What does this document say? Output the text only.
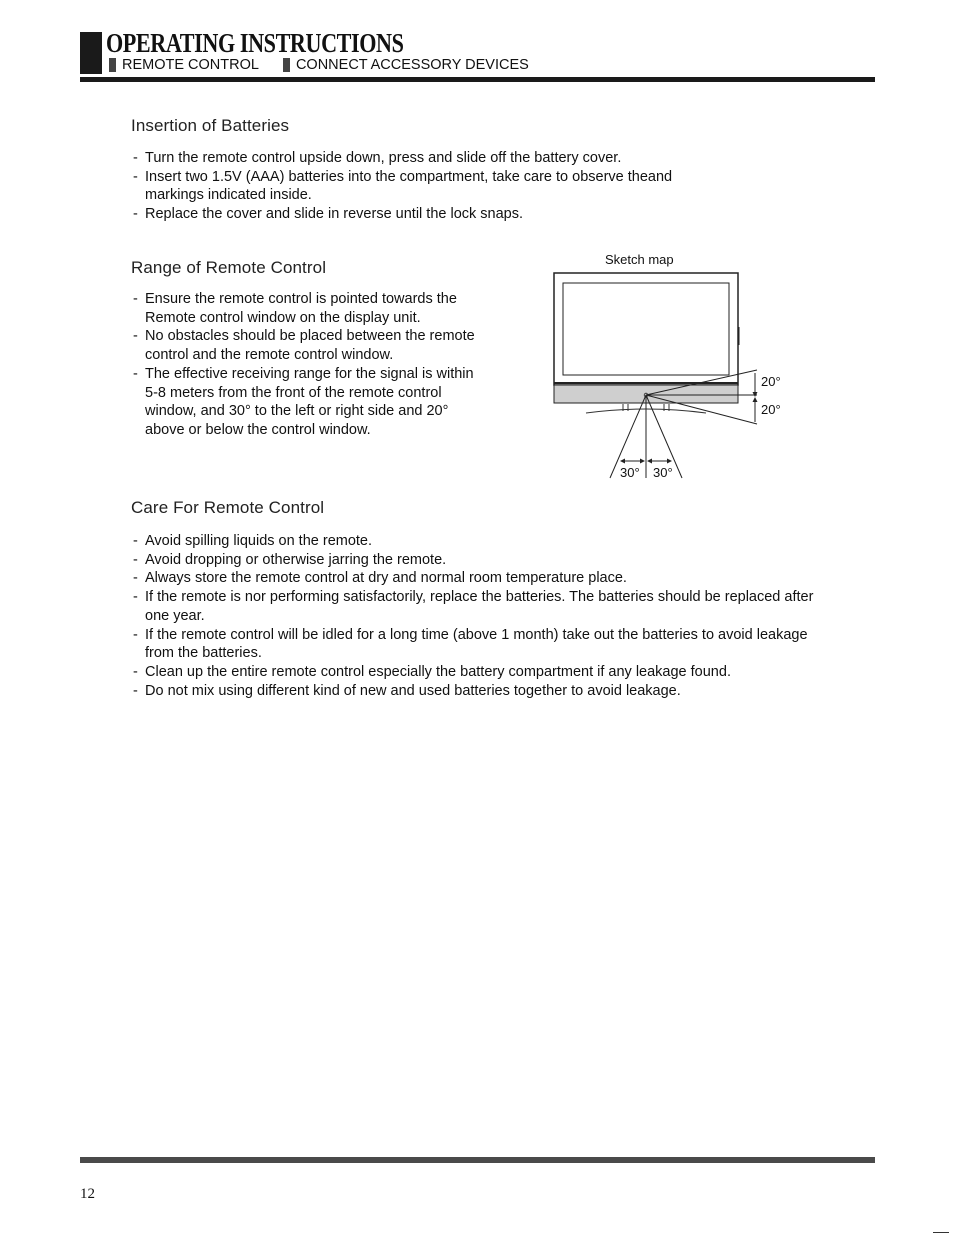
OPERATING INSTRUCTIONS
REMOTE CONTROL	CONNECT ACCESSORY DEVICES
Insertion of Batteries
- Turn the remote control upside down, press and slide off the battery cover.
- Insert two 1.5V (AAA) batteries into the compartment, take care to observe theand
markings indicated inside.
- Replace the cover and slide in reverse until the lock snaps.
Range of Remote Control
- Ensure the remote control is pointed towards the Remote control window on the display unit.
- No obstacles should be placed between the remote control and the remote control window.
- The effective receiving range for the signal is within 5-8 meters from the front of the remote control window, and 30° to the left or right side and 20° above or below the control window.
Sketch map
20°
20°
30° 30°
Care For Remote Control
- Avoid spilling liquids on the remote.
- Avoid dropping or otherwise jarring the remote.
- Always store the remote control at dry and normal room temperature place.
- If the remote is nor performing satisfactorily, replace the batteries. The batteries should be replaced after one year.
- If the remote control will be idled for a long time (above 1 month) take out the batteries to avoid leakage from the batteries.
- Clean up the entire remote control especially the battery compartment if any leakage found.
- Do not mix using different kind of new and used batteries together to avoid leakage.
12
